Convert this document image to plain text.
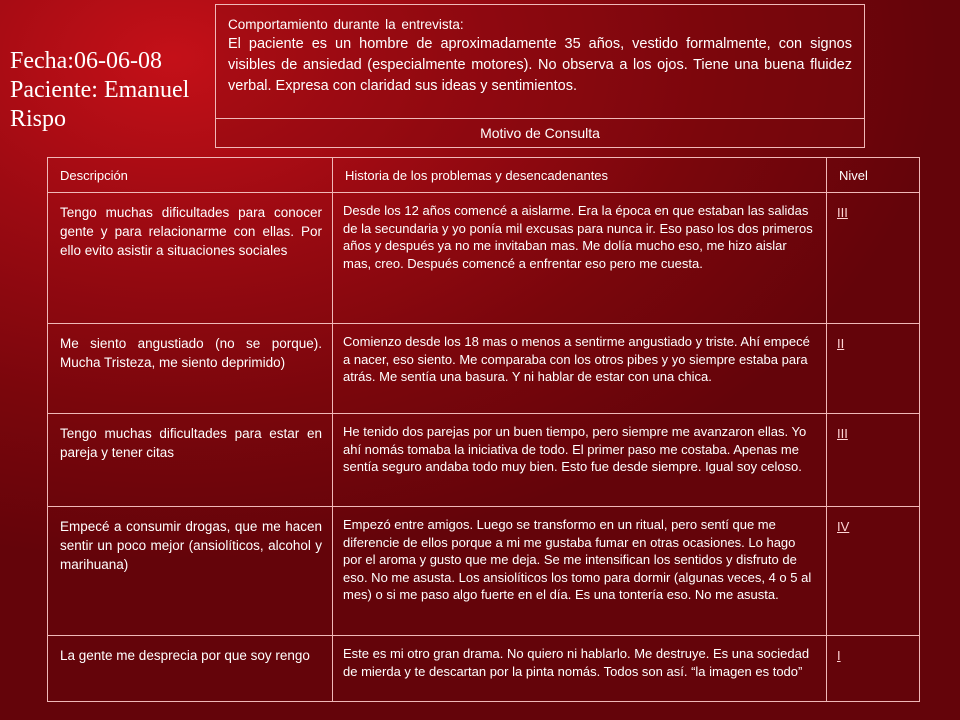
Fecha:06-06-08
Paciente: Emanuel
Rispo
Comportamiento durante la entrevista:
El paciente es un hombre de aproximadamente 35 años, vestido formalmente, con signos visibles de ansiedad (especialmente motores). No observa a los ojos. Tiene una buena fluidez verbal. Expresa con claridad sus ideas y sentimientos.
Motivo de Consulta
Descripción	Historia de los problemas y desencadenantes	Nivel
Tengo muchas dificultades para conocer gente y para relacionarme con ellas. Por ello evito asistir a situaciones sociales	Desde los 12 años comencé a aislarme. Era la época en que estaban las salidas de la secundaria y yo ponía mil excusas para nunca ir. Eso paso los dos primeros años y después ya no me invitaban mas. Me dolía mucho eso, me hizo aislar mas, creo. Después comencé a enfrentar eso pero me cuesta.	III
Me siento angustiado (no se porque). Mucha Tristeza, me siento deprimido)	Comienzo desde los 18 mas o menos a sentirme angustiado y triste. Ahí empecé a nacer, eso siento. Me comparaba con los otros pibes y yo siempre estaba para atrás. Me sentía una basura. Y ni hablar de estar con una chica.	II
Tengo muchas dificultades para estar en pareja y tener citas	He tenido dos parejas por un buen tiempo, pero siempre me avanzaron ellas. Yo ahí nomás tomaba la iniciativa de todo. El primer paso me costaba. Apenas me sentía seguro andaba todo muy bien. Esto fue desde siempre. Igual soy celoso.	III
Empecé a consumir drogas, que me hacen sentir un poco mejor (ansiolíticos, alcohol y marihuana)	Empezó entre amigos. Luego se transformo en un ritual, pero sentí que me diferencie de ellos porque a mi me gustaba fumar en otras ocasiones. Lo hago por el aroma y gusto que me deja. Se me intensifican los sentidos y disfruto de eso. No me asusta. Los ansiolíticos los tomo para dormir (algunas veces, 4 o 5 al mes) o si me paso algo fuerte en el día. Es una tontería eso. No me asusta.	IV
La gente me desprecia por que soy rengo	Este es mi otro gran drama. No quiero ni hablarlo. Me destruye. Es una sociedad de mierda y te descartan por la pinta nomás. Todos son así. “la imagen es todo”	I
